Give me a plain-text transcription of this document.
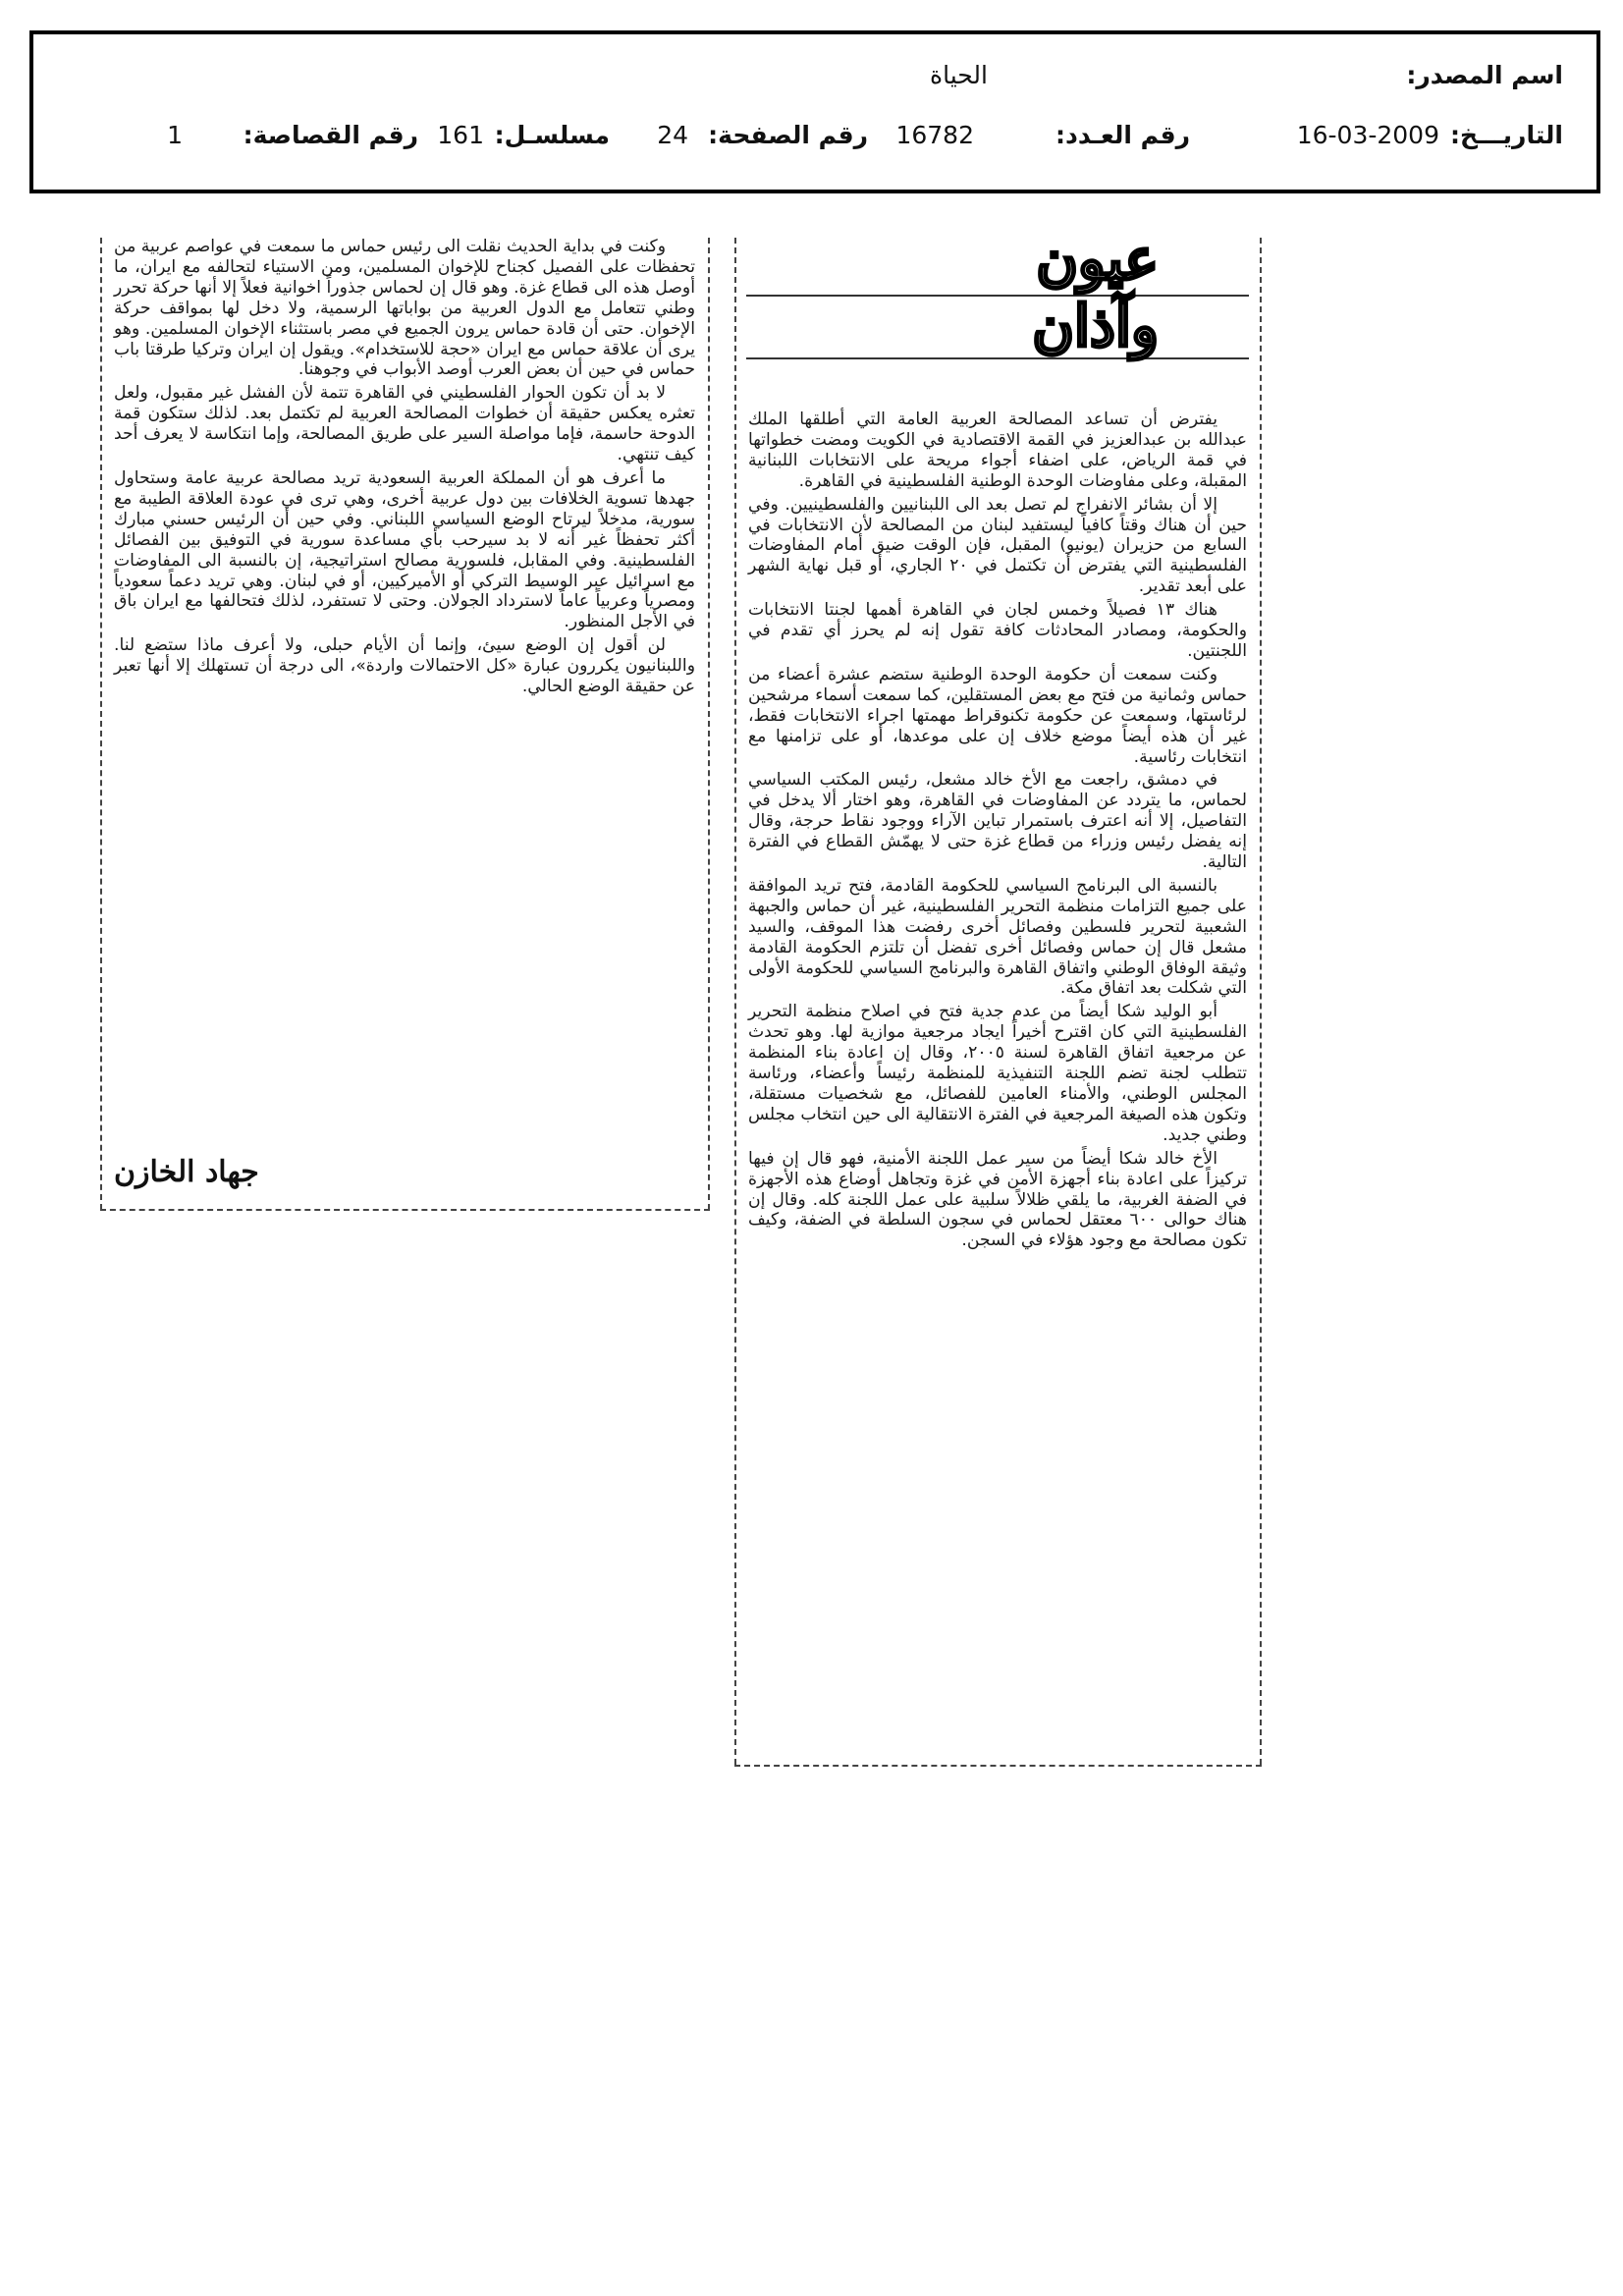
اسم المصدر:
الحياة
التاريـــخ:
16-03-2009
رقم العـدد:
16782
رقم الصفحة:
24
مسلسـل:
161
رقم القصاصة:
1
عيون وآذان

يفترض أن تساعد المصالحة العربية العامة التي أطلقها الملك عبدالله بن عبدالعزيز في القمة الاقتصادية في الكويت ومضت خطواتها في قمة الرياض، على اضفاء أجواء مريحة على الانتخابات اللبنانية المقبلة، وعلى مفاوضات الوحدة الوطنية الفلسطينية في القاهرة.

إلا أن بشائر الانفراج لم تصل بعد الى اللبنانيين والفلسطينيين. وفي حين أن هناك وقتاً كافياً ليستفيد لبنان من المصالحة لأن الانتخابات في السابع من حزيران (يونيو) المقبل، فإن الوقت ضيق أمام المفاوضات الفلسطينية التي يفترض أن تكتمل في ٢٠ الجاري، أو قبل نهاية الشهر على أبعد تقدير.

هناك ١٣ فصيلاً وخمس لجان في القاهرة أهمها لجنتا الانتخابات والحكومة، ومصادر المحادثات كافة تقول إنه لم يحرز أي تقدم في اللجنتين.

وكنت سمعت أن حكومة الوحدة الوطنية ستضم عشرة أعضاء من حماس وثمانية من فتح مع بعض المستقلين، كما سمعت أسماء مرشحين لرئاستها، وسمعت عن حكومة تكنوقراط مهمتها اجراء الانتخابات فقط، غير أن هذه أيضاً موضع خلاف إن على موعدها، أو على تزامنها مع انتخابات رئاسية.

في دمشق، راجعت مع الأخ خالد مشعل، رئيس المكتب السياسي لحماس، ما يتردد عن المفاوضات في القاهرة، وهو اختار ألا يدخل في التفاصيل، إلا أنه اعترف باستمرار تباين الآراء ووجود نقاط حرجة، وقال إنه يفضل رئيس وزراء من قطاع غزة حتى لا يهمّش القطاع في الفترة التالية.

بالنسبة الى البرنامج السياسي للحكومة القادمة، فتح تريد الموافقة على جميع التزامات منظمة التحرير الفلسطينية، غير أن حماس والجبهة الشعبية لتحرير فلسطين وفصائل أخرى رفضت هذا الموقف، والسيد مشعل قال إن حماس وفصائل أخرى تفضل أن تلتزم الحكومة القادمة وثيقة الوفاق الوطني واتفاق القاهرة والبرنامج السياسي للحكومة الأولى التي شكلت بعد اتفاق مكة.

أبو الوليد شكا أيضاً من عدم جدية فتح في اصلاح منظمة التحرير الفلسطينية التي كان اقترح أخيراً ايجاد مرجعية موازية لها. وهو تحدث عن مرجعية اتفاق القاهرة لسنة ٢٠٠٥، وقال إن اعادة بناء المنظمة تتطلب لجنة تضم اللجنة التنفيذية للمنظمة رئيساً وأعضاء، ورئاسة المجلس الوطني، والأمناء العامين للفصائل، مع شخصيات مستقلة، وتكون هذه الصيغة المرجعية في الفترة الانتقالية الى حين انتخاب مجلس وطني جديد.

الأخ خالد شكا أيضاً من سير عمل اللجنة الأمنية، فهو قال إن فيها تركيزاً على اعادة بناء أجهزة الأمن في غزة وتجاهل أوضاع هذه الأجهزة في الضفة الغربية، ما يلقي ظلالاً سلبية على عمل اللجنة كله. وقال إن هناك حوالى ٦٠٠ معتقل لحماس في سجون السلطة في الضفة، وكيف تكون مصالحة مع وجود هؤلاء في السجن.

وكنت في بداية الحديث نقلت الى رئيس حماس ما سمعت في عواصم عربية من تحفظات على الفصيل كجناح للإخوان المسلمين، ومن الاستياء لتحالفه مع ايران، ما أوصل هذه الى قطاع غزة. وهو قال إن لحماس جذوراً اخوانية فعلاً إلا أنها حركة تحرر وطني تتعامل مع الدول العربية من بواباتها الرسمية، ولا دخل لها بمواقف حركة الإخوان. حتى أن قادة حماس يرون الجميع في مصر باستثناء الإخوان المسلمين. وهو يرى أن علاقة حماس مع ايران «حجة للاستخدام». ويقول إن ايران وتركيا طرقتا باب حماس في حين أن بعض العرب أوصد الأبواب في وجوهنا.

لا بد أن تكون الحوار الفلسطيني في القاهرة تتمة لأن الفشل غير مقبول، ولعل تعثره يعكس حقيقة أن خطوات المصالحة العربية لم تكتمل بعد. لذلك ستكون قمة الدوحة حاسمة، فإما مواصلة السير على طريق المصالحة، وإما انتكاسة لا يعرف أحد كيف تنتهي.

ما أعرف هو أن المملكة العربية السعودية تريد مصالحة عربية عامة وستحاول جهدها تسوية الخلافات بين دول عربية أخرى، وهي ترى في عودة العلاقة الطيبة مع سورية، مدخلاً ليرتاح الوضع السياسي اللبناني. وفي حين أن الرئيس حسني مبارك أكثر تحفظاً غير أنه لا بد سيرحب بأي مساعدة سورية في التوفيق بين الفصائل الفلسطينية. وفي المقابل، فلسورية مصالح استراتيجية، إن بالنسبة الى المفاوضات مع اسرائيل عبر الوسيط التركي أو الأميركيين، أو في لبنان. وهي تريد دعماً سعودياً ومصرياً وعربياً عاماً لاسترداد الجولان. وحتى لا تستفرد، لذلك فتحالفها مع ايران باق في الأجل المنظور.

لن أقول إن الوضع سيئ، وإنما أن الأيام حبلى، ولا أعرف ماذا ستضع لنا. واللبنانيون يكررون عبارة «كل الاحتمالات واردة»، الى درجة أن تستهلك إلا أنها تعبر عن حقيقة الوضع الحالي.

جهاد الخازن
